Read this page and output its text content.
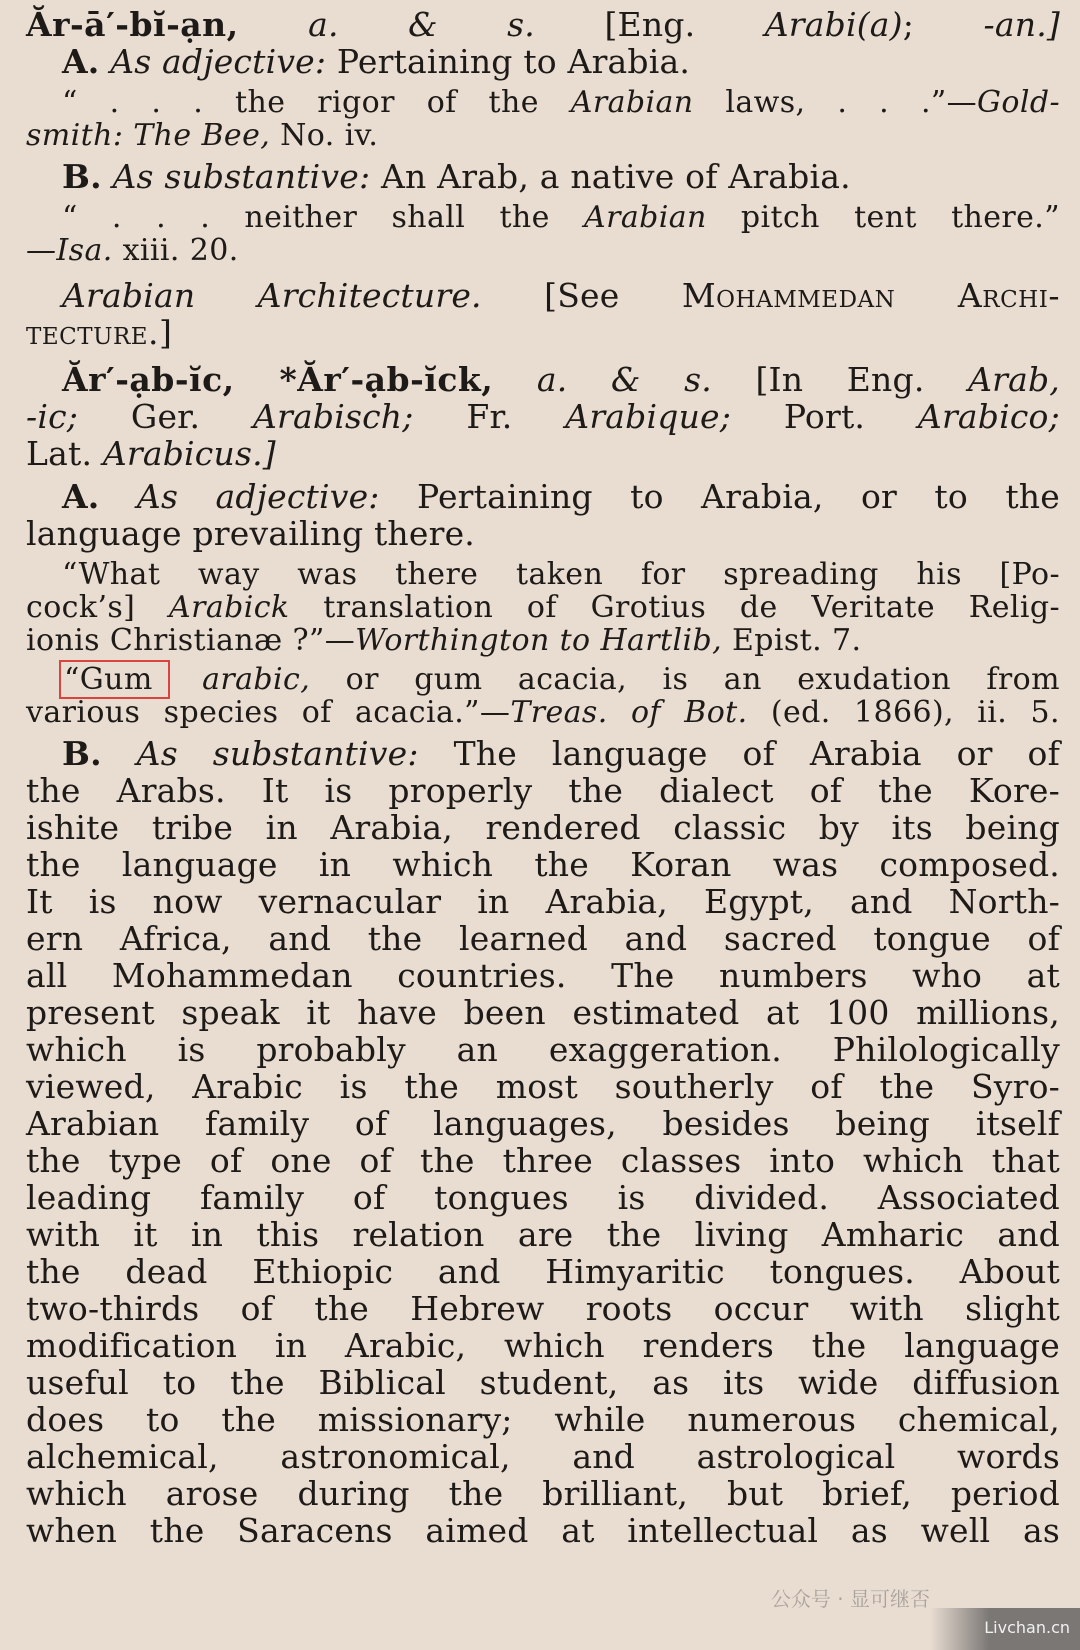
Ăr-ā′-bĭ-ạn, a. & s. [Eng. Arabi(a); -an.]
A. As adjective: Pertaining to Arabia.
“ . . . the rigor of the Arabian laws, . . .”—Gold-
smith: The Bee, No. iv.
B. As substantive: An Arab, a native of Arabia.
“ . . . neither shall the Arabian pitch tent there.”
—Isa. xiii. 20.
Arabian Architecture. [See Mohammedan Archi-
tecture.]
Ăr′-ạb-ĭc, *Ăr′-ạb-ĭck, a. & s. [In Eng. Arab,
-ic; Ger. Arabisch; Fr. Arabique; Port. Arabico;
Lat. Arabicus.]
A. As adjective: Pertaining to Arabia, or to the
language prevailing there.
“What way was there taken for spreading his [Po-
cock’s] Arabick translation of Grotius de Veritate Relig-
ionis Christianæ ?”—Worthington to Hartlib, Epist. 7.
“Gum arabic, or gum acacia, is an exudation from
various species of acacia.”—Treas. of Bot. (ed. 1866), ii. 5.
B. As substantive: The language of Arabia or of
the Arabs. It is properly the dialect of the Kore-
ishite tribe in Arabia, rendered classic by its being
the language in which the Koran was composed.
It is now vernacular in Arabia, Egypt, and North-
ern Africa, and the learned and sacred tongue of
all Mohammedan countries. The numbers who at
present speak it have been estimated at 100 millions,
which is probably an exaggeration. Philologically
viewed, Arabic is the most southerly of the Syro-
Arabian family of languages, besides being itself
the type of one of the three classes into which that
leading family of tongues is divided. Associated
with it in this relation are the living Amharic and
the dead Ethiopic and Himyaritic tongues. About
two-thirds of the Hebrew roots occur with slight
modification in Arabic, which renders the language
useful to the Biblical student, as its wide diffusion
does to the missionary; while numerous chemical,
alchemical, astronomical, and astrological words
which arose during the brilliant, but brief, period
when the Saracens aimed at intellectual as well as
公众号 · 显可继否
Livchan.cn
